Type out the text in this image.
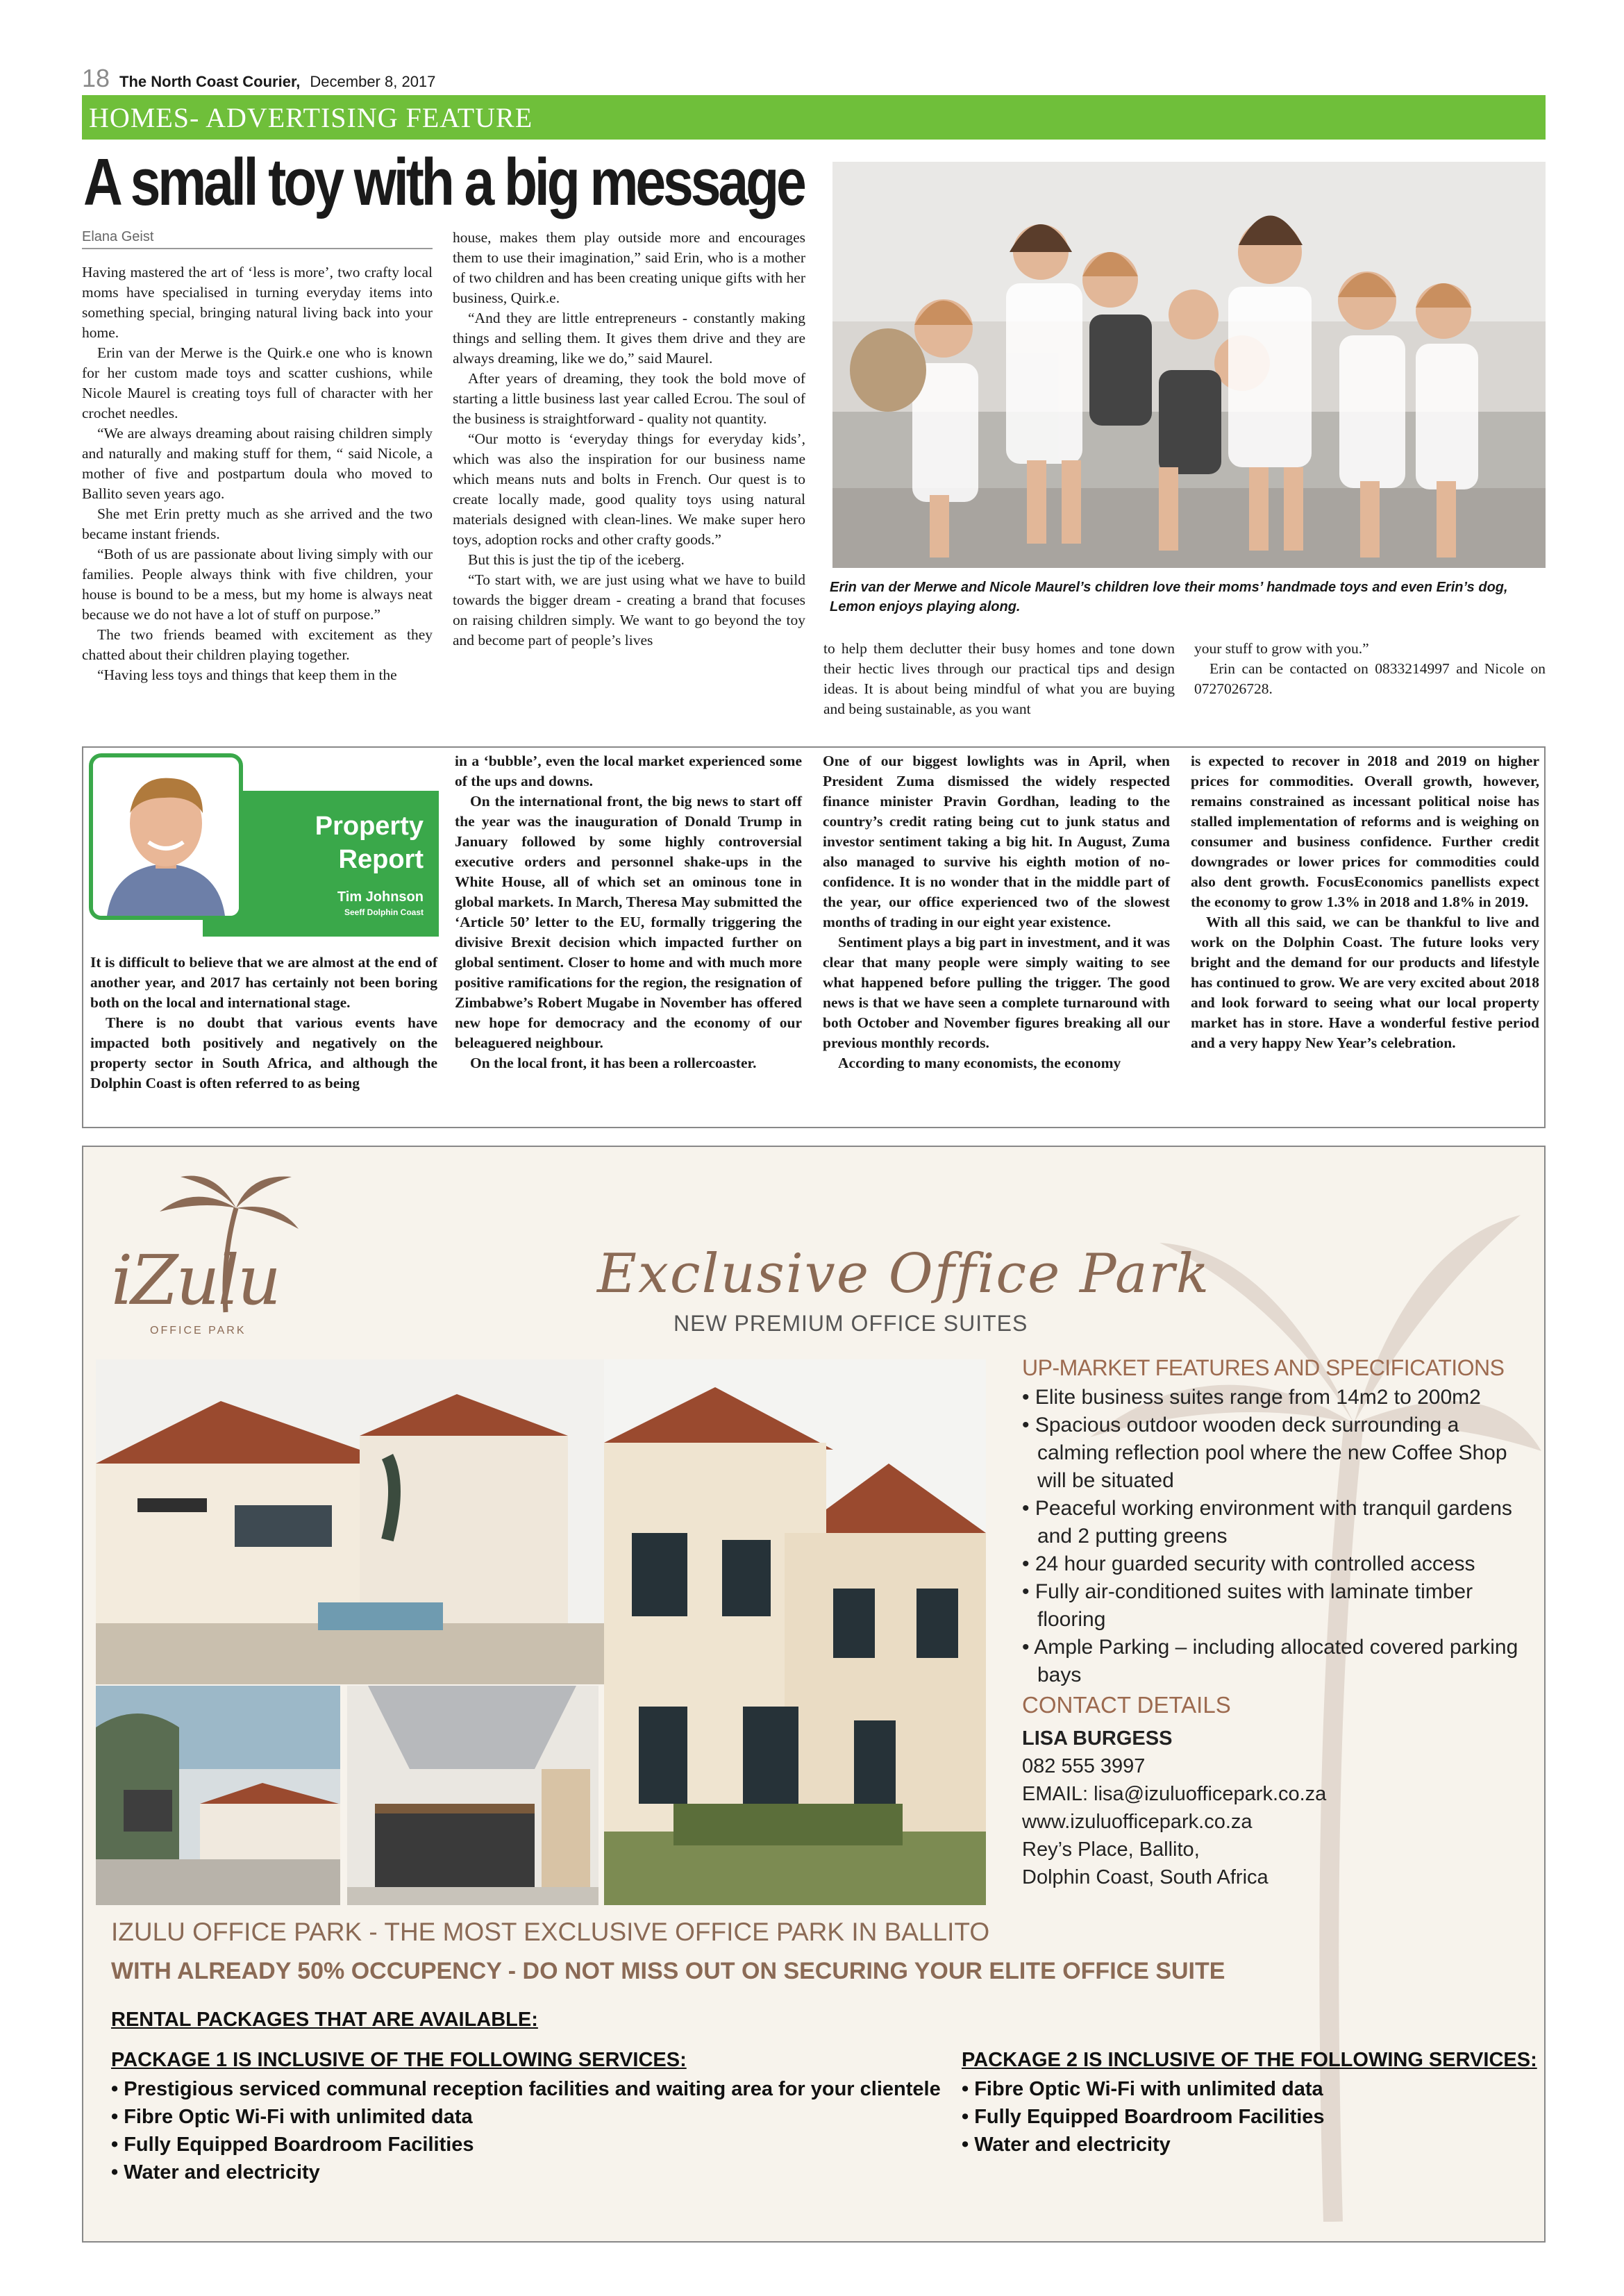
18 The North Coast Courier, December 8, 2017
HOMES- ADVERTISING FEATURE
A small toy with a big message
Elana Geist

Having mastered the art of ‘less is more’, two crafty local moms have specialised in turning everyday items into something special, bringing natural living back into your home.

Erin van der Merwe is the Quirk.e one who is known for her custom made toys and scatter cushions, while Nicole Maurel is creating toys full of character with her crochet needles.

“We are always dreaming about raising children simply and naturally and making stuff for them, “ said Nicole, a mother of five and postpartum doula who moved to Ballito seven years ago.

She met Erin pretty much as she arrived and the two became instant friends.

“Both of us are passionate about living simply with our families. People always think with five children, your house is bound to be a mess, but my home is always neat because we do not have a lot of stuff on purpose.”

The two friends beamed with excitement as they chatted about their children playing together.

“Having less toys and things that keep them in the

house, makes them play outside more and encourages them to use their imagination,” said Erin, who is a mother of two children and has been creating unique gifts with her business, Quirk.e.

“And they are little entrepreneurs - constantly making things and selling them. It gives them drive and they are always dreaming, like we do,” said Maurel.

After years of dreaming, they took the bold move of starting a little business last year called Ecrou. The soul of the business is straightforward - quality not quantity.

“Our motto is ‘everyday things for everyday kids’, which was also the inspiration for our business name which means nuts and bolts in French. Our quest is to create locally made, good quality toys using natural materials designed with clean-lines. We make super hero toys, adoption rocks and other crafty goods.”

But this is just the tip of the iceberg.

“To start with, we are just using what we have to build towards the bigger dream - creating a brand that focuses on raising children simply. We want to go beyond the toy and become part of people’s lives

Erin van der Merwe and Nicole Maurel’s children love their moms’ handmade toys and even Erin’s dog, Lemon enjoys playing along.

to help them declutter their busy homes and tone down their hectic lives through our practical tips and design ideas. It is about being mindful of what you are buying and being sustainable, as you want

your stuff to grow with you.”

Erin can be contacted on 0833214997 and Nicole on 0727026728.

Property
Report
Tim Johnson
Seeff Dolphin Coast

It is difficult to believe that we are almost at the end of another year, and 2017 has certainly not been boring both on the local and international stage.

There is no doubt that various events have impacted both positively and negatively on the property sector in South Africa, and although the Dolphin Coast is often referred to as being

in a ‘bubble’, even the local market experienced some of the ups and downs.

On the international front, the big news to start off the year was the inauguration of Donald Trump in January followed by some highly controversial executive orders and personnel shake-ups in the White House, all of which set an ominous tone in global markets. In March, Theresa May submitted the ‘Article 50’ letter to the EU, formally triggering the divisive Brexit decision which impacted further on global sentiment. Closer to home and with much more positive ramifications for the region, the resignation of Zimbabwe’s Robert Mugabe in November has offered new hope for democracy and the economy of our beleaguered neighbour.

On the local front, it has been a rollercoaster.

One of our biggest lowlights was in April, when President Zuma dismissed the widely respected finance minister Pravin Gordhan, leading to the country’s credit rating being cut to junk status and investor sentiment taking a big hit. In August, Zuma also managed to survive his eighth motion of no-confidence. It is no wonder that in the middle part of the year, our office experienced two of the slowest months of trading in our eight year existence.

Sentiment plays a big part in investment, and it was clear that many people were simply waiting to see what happened before pulling the trigger. The good news is that we have seen a complete turnaround with both October and November figures breaking all our previous monthly records.

According to many economists, the economy

is expected to recover in 2018 and 2019 on higher prices for commodities. Overall growth, however, remains constrained as incessant political noise has stalled implementation of reforms and is weighing on consumer and business confidence. Further credit downgrades or lower prices for commodities could also dent growth. FocusEconomics panellists expect the economy to grow 1.3% in 2018 and 1.8% in 2019.

With all this said, we can be thankful to live and work on the Dolphin Coast. The future looks very bright and the demand for our products and lifestyle has continued to grow. We are very excited about 2018 and look forward to seeing what our local property market has in store. Have a wonderful festive period and a very happy New Year’s celebration.

iZulu
OFFICE PARK
Exclusive Office Park
NEW PREMIUM OFFICE SUITES
UP-MARKET FEATURES AND SPECIFICATIONS
• Elite business suites range from 14m2 to 200m2
• Spacious outdoor wooden deck surrounding a calming reflection pool where the new Coffee Shop will be situated
• Peaceful working environment with tranquil gardens and 2 putting greens
• 24 hour guarded security with controlled access
• Fully air-conditioned suites with laminate timber flooring
• Ample Parking – including allocated covered parking bays
CONTACT DETAILS
LISA BURGESS
082 555 3997
EMAIL: lisa@izuluofficepark.co.za
www.izuluofficepark.co.za
Rey’s Place, Ballito,
Dolphin Coast, South Africa
IZULU OFFICE PARK - THE MOST EXCLUSIVE OFFICE PARK IN BALLITO
WITH ALREADY 50% OCCUPENCY - DO NOT MISS OUT ON SECURING YOUR ELITE OFFICE SUITE
RENTAL PACKAGES THAT ARE AVAILABLE:
PACKAGE 1 IS INCLUSIVE OF THE FOLLOWING SERVICES:
• Prestigious serviced communal reception facilities and waiting area for your clientele
• Fibre Optic Wi-Fi with unlimited data
• Fully Equipped Boardroom Facilities
• Water and electricity
PACKAGE 2 IS INCLUSIVE OF THE FOLLOWING SERVICES:
• Fibre Optic Wi-Fi with unlimited data
• Fully Equipped Boardroom Facilities
• Water and electricity
